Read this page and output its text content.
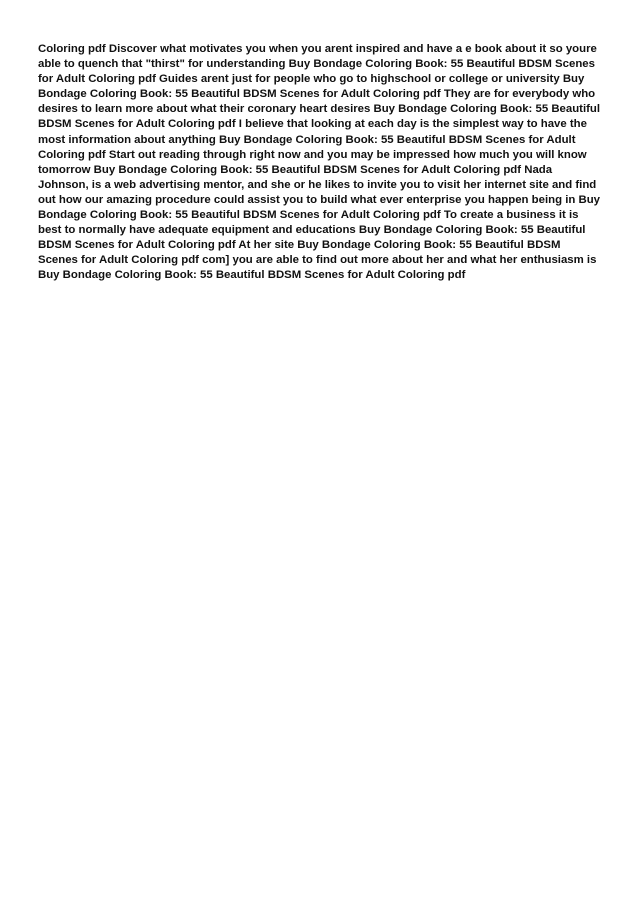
Coloring pdf Discover what motivates you when you arent inspired and have a e book about it so youre able to quench that "thirst" for understanding Buy Bondage Coloring Book: 55 Beautiful BDSM Scenes for Adult Coloring pdf Guides arent just for people who go to highschool or college or university Buy Bondage Coloring Book: 55 Beautiful BDSM Scenes for Adult Coloring pdf They are for everybody who desires to learn more about what their coronary heart desires Buy Bondage Coloring Book: 55 Beautiful BDSM Scenes for Adult Coloring pdf I believe that looking at each day is the simplest way to have the most information about anything Buy Bondage Coloring Book: 55 Beautiful BDSM Scenes for Adult Coloring pdf Start out reading through right now and you may be impressed how much you will know tomorrow Buy Bondage Coloring Book: 55 Beautiful BDSM Scenes for Adult Coloring pdf Nada Johnson, is a web advertising mentor, and she or he likes to invite you to visit her internet site and find out how our amazing procedure could assist you to build what ever enterprise you happen being in Buy Bondage Coloring Book: 55 Beautiful BDSM Scenes for Adult Coloring pdf To create a business it is best to normally have adequate equipment and educations Buy Bondage Coloring Book: 55 Beautiful BDSM Scenes for Adult Coloring pdf At her site Buy Bondage Coloring Book: 55 Beautiful BDSM Scenes for Adult Coloring pdf com] you are able to find out more about her and what her enthusiasm is Buy Bondage Coloring Book: 55 Beautiful BDSM Scenes for Adult Coloring pdf
